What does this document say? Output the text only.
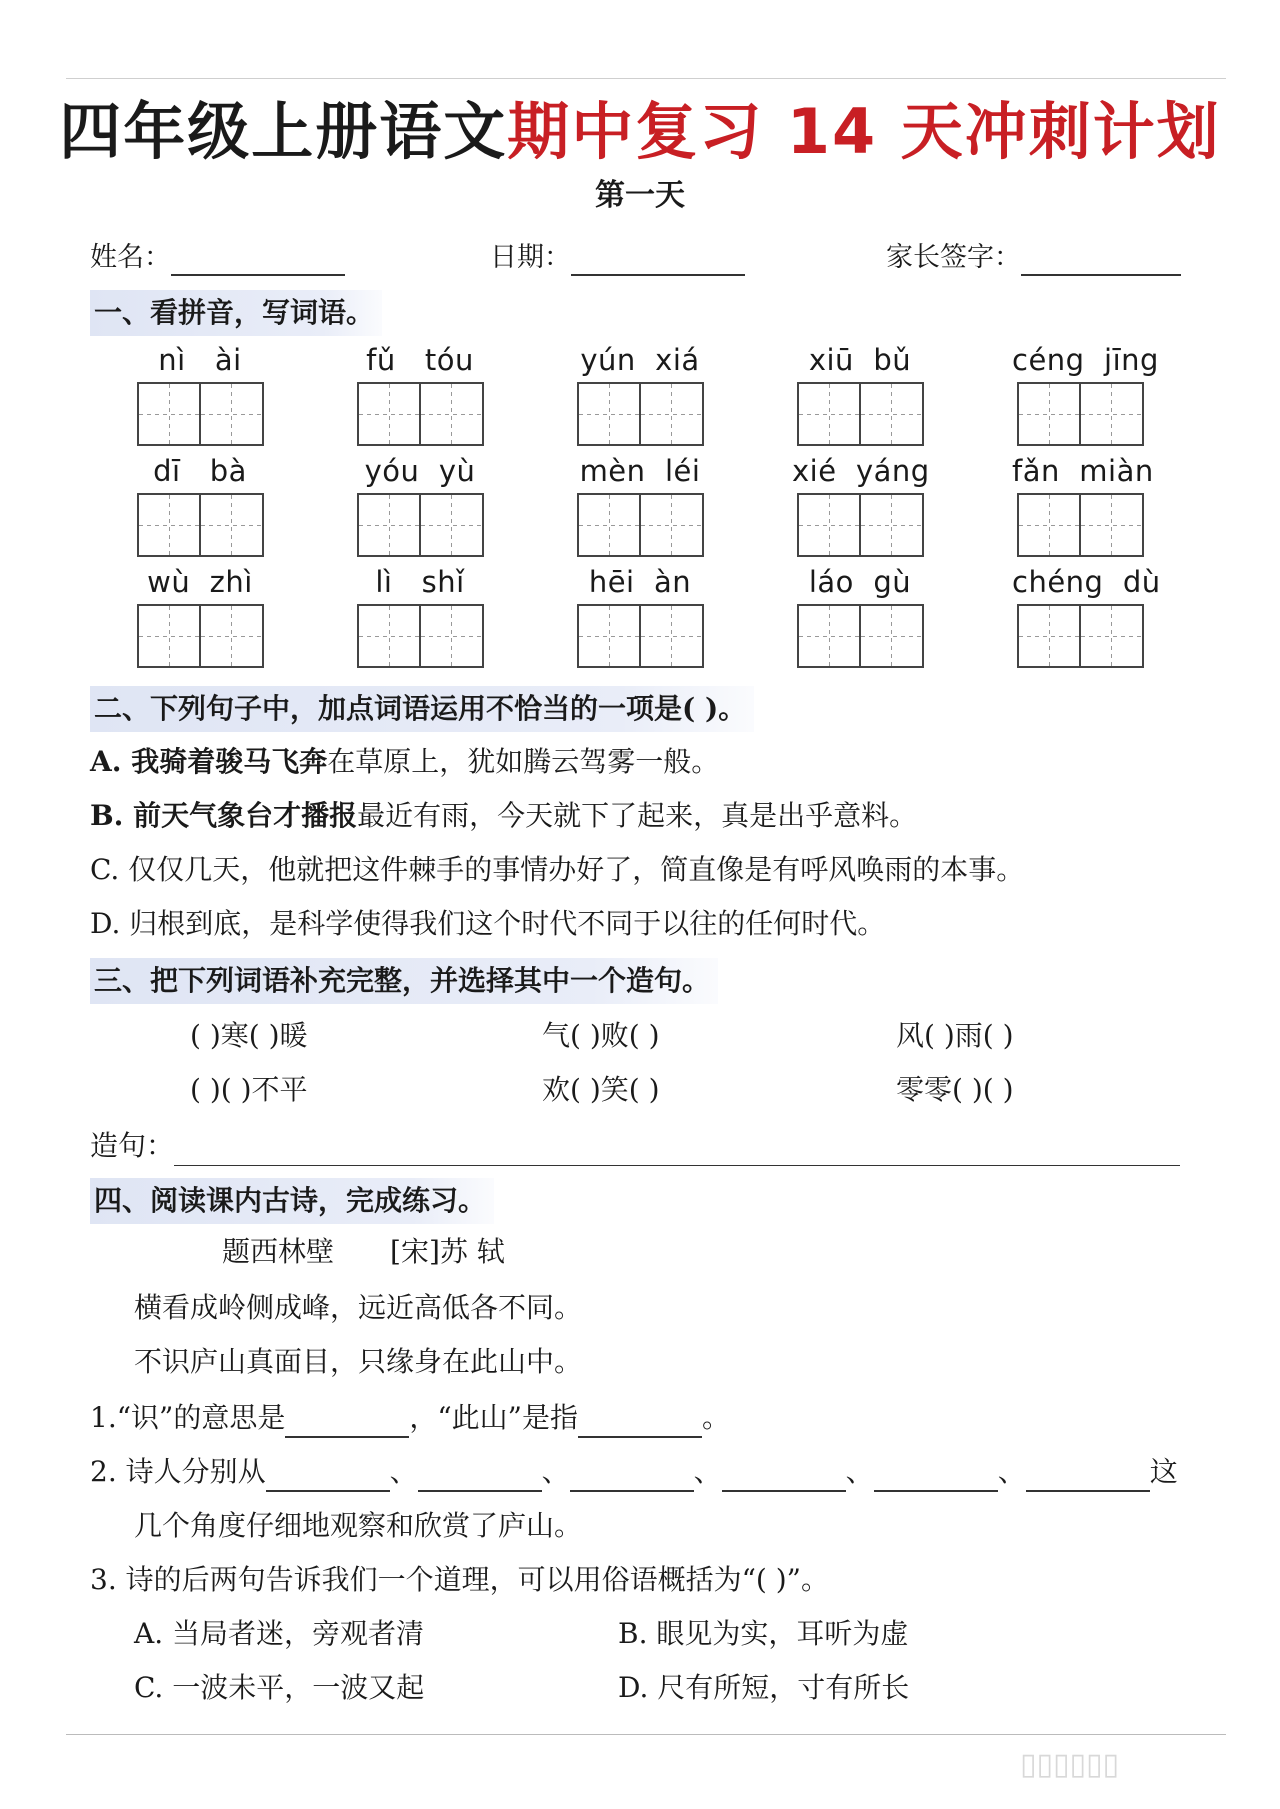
四年级上册语文期中复习 14 天冲刺计划
第一天
姓名：	日期：	家长签字：
一、看拼音，写词语。
nì   ài	fǔ   tóu	yún  xiá	xiū  bǔ	céng  jīng
dī   bà	yóu  yù	mèn  léi	xié  yáng	fǎn  miàn
wù  zhì	lì   shǐ	hēi  àn	láo  gù	chéng  dù
二、下列句子中，加点词语运用不恰当的一项是( )。
A. 我骑着骏马飞奔在草原上，犹如腾云驾雾一般。
B. 前天气象台才播报最近有雨，今天就下了起来，真是出乎意料。
C. 仅仅几天，他就把这件棘手的事情办好了，简直像是有呼风唤雨的本事。
D. 归根到底，是科学使得我们这个时代不同于以往的任何时代。
三、把下列词语补充完整，并选择其中一个造句。
( )寒( )暖	气( )败( )	风( )雨( )
( )( )不平	欢( )笑( )	零零( )( )
造句：
四、阅读课内古诗，完成练习。
题西林壁 [宋]苏 轼
横看成岭侧成峰，远近高低各不同。
不识庐山真面目，只缘身在此山中。
1.“识”的意思是	，“此山”是指	。
2. 诗人分别从	、	、	、	、	、	这
几个角度仔细地观察和欣赏了庐山。
3. 诗的后两句告诉我们一个道理，可以用俗语概括为“( )”。
A. 当局者迷，旁观者清	B. 眼见为实，耳听为虚
C. 一波未平，一波又起	D. 尺有所短，寸有所长
▯▯▯▯▯▯
